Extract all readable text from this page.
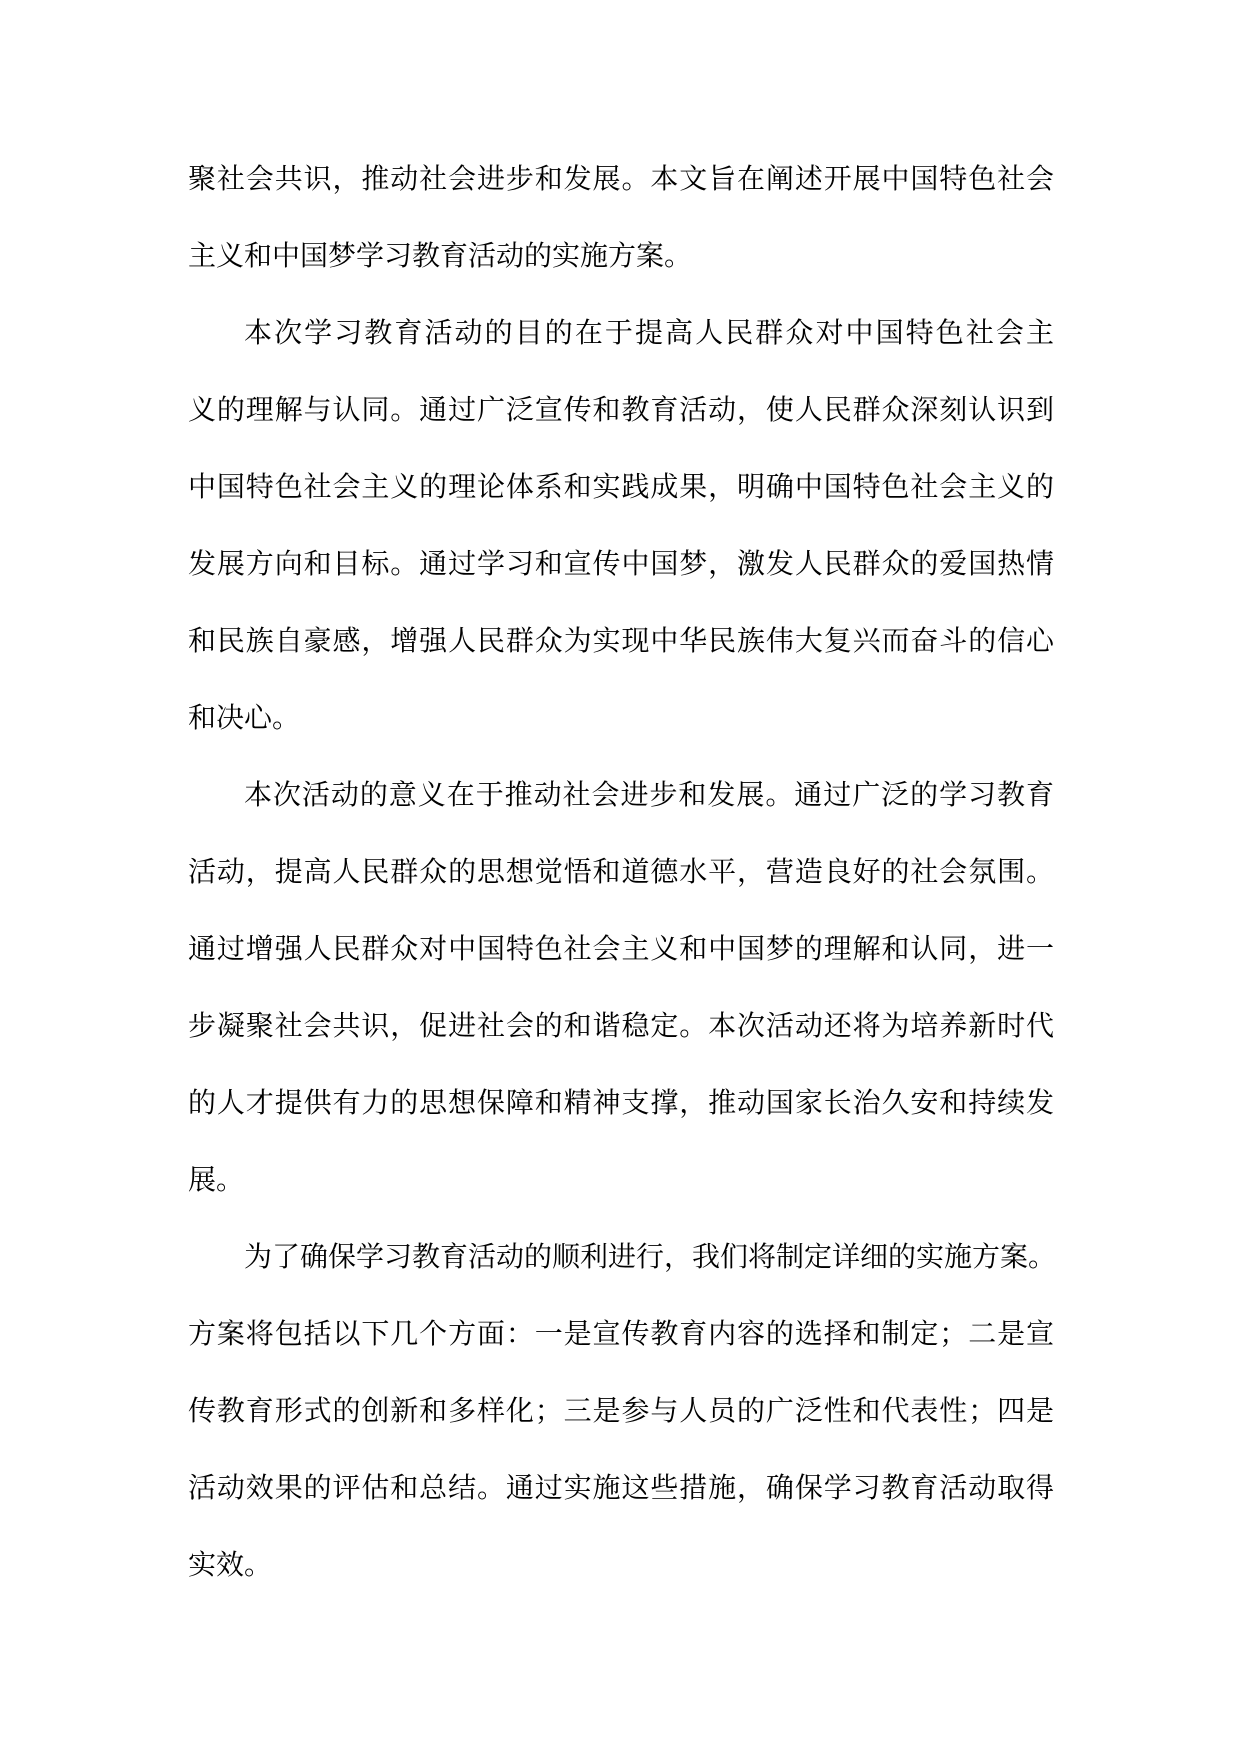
聚社会共识，推动社会进步和发展。本文旨在阐述开展中国特色社会
主义和中国梦学习教育活动的实施方案。

本次学习教育活动的目的在于提高人民群众对中国特色社会主
义的理解与认同。通过广泛宣传和教育活动，使人民群众深刻认识到
中国特色社会主义的理论体系和实践成果，明确中国特色社会主义的
发展方向和目标。通过学习和宣传中国梦，激发人民群众的爱国热情
和民族自豪感，增强人民群众为实现中华民族伟大复兴而奋斗的信心
和决心。

本次活动的意义在于推动社会进步和发展。通过广泛的学习教育
活动，提高人民群众的思想觉悟和道德水平，营造良好的社会氛围。
通过增强人民群众对中国特色社会主义和中国梦的理解和认同，进一
步凝聚社会共识，促进社会的和谐稳定。本次活动还将为培养新时代
的人才提供有力的思想保障和精神支撑，推动国家长治久安和持续发
展。

为了确保学习教育活动的顺利进行，我们将制定详细的实施方案。
方案将包括以下几个方面：一是宣传教育内容的选择和制定；二是宣
传教育形式的创新和多样化；三是参与人员的广泛性和代表性；四是
活动效果的评估和总结。通过实施这些措施，确保学习教育活动取得
实效。
